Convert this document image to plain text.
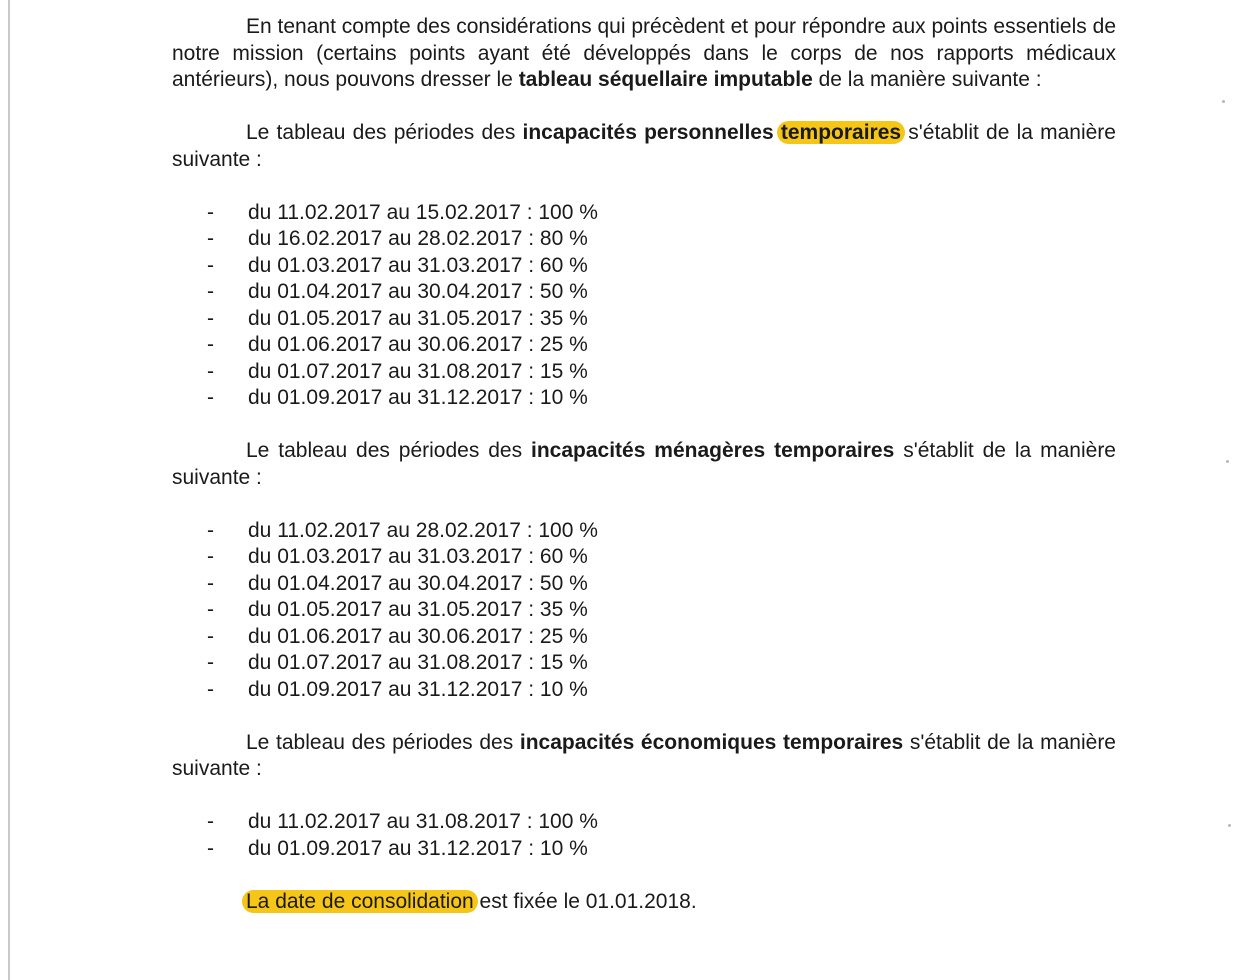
En tenant compte des considérations qui précèdent et pour répondre aux points essentiels de notre mission (certains points ayant été développés dans le corps de nos rapports médicaux antérieurs), nous pouvons dresser le tableau séquellaire imputable de la manière suivante :

Le tableau des périodes des incapacités personnelles temporaires s'établit de la manière suivante :

- du 11.02.2017 au 15.02.2017 : 100 %
- du 16.02.2017 au 28.02.2017 : 80 %
- du 01.03.2017 au 31.03.2017 : 60 %
- du 01.04.2017 au 30.04.2017 : 50 %
- du 01.05.2017 au 31.05.2017 : 35 %
- du 01.06.2017 au 30.06.2017 : 25 %
- du 01.07.2017 au 31.08.2017 : 15 %
- du 01.09.2017 au 31.12.2017 : 10 %

Le tableau des périodes des incapacités ménagères temporaires s'établit de la manière suivante :

- du 11.02.2017 au 28.02.2017 : 100 %
- du 01.03.2017 au 31.03.2017 : 60 %
- du 01.04.2017 au 30.04.2017 : 50 %
- du 01.05.2017 au 31.05.2017 : 35 %
- du 01.06.2017 au 30.06.2017 : 25 %
- du 01.07.2017 au 31.08.2017 : 15 %
- du 01.09.2017 au 31.12.2017 : 10 %

Le tableau des périodes des incapacités économiques temporaires s'établit de la manière suivante :

- du 11.02.2017 au 31.08.2017 : 100 %
- du 01.09.2017 au 31.12.2017 : 10 %

La date de consolidation est fixée le 01.01.2018.
